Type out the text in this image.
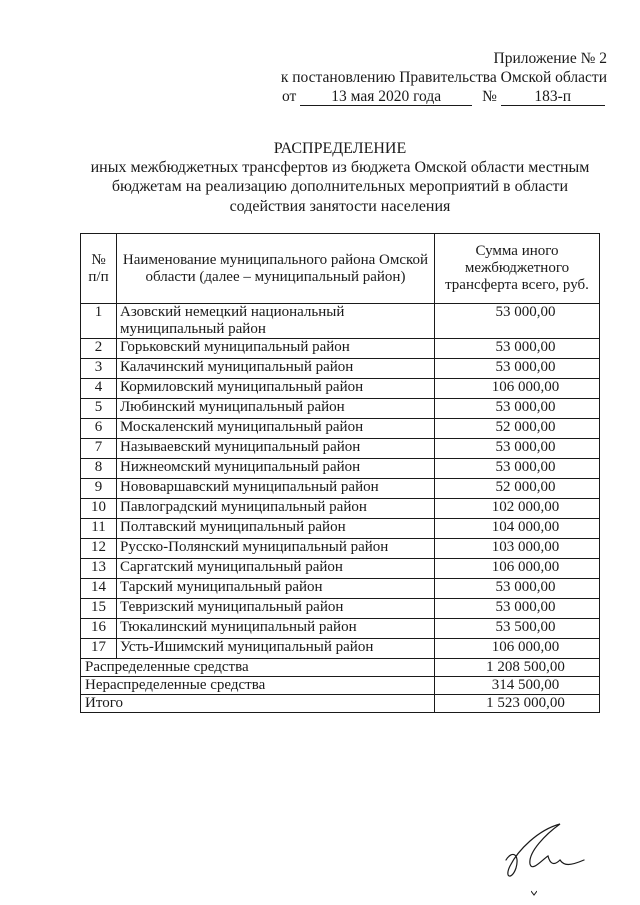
Приложение № 2
к постановлению Правительства Омской области
от 13 мая 2020 года	№ 183-п
РАСПРЕДЕЛЕНИЕ
иных межбюджетных трансфертов из бюджета Омской области местным
бюджетам на реализацию дополнительных мероприятий в области
содействия занятости населения
№ п/п	Наименование муниципального района Омской области (далее – муниципальный район)	Сумма иного межбюджетного трансферта всего, руб.
1	Азовский немецкий национальный муниципальный район	53 000,00
2	Горьковский муниципальный район	53 000,00
3	Калачинский муниципальный район	53 000,00
4	Кормиловский муниципальный район	106 000,00
5	Любинский муниципальный район	53 000,00
6	Москаленский муниципальный район	52 000,00
7	Называевский муниципальный район	53 000,00
8	Нижнеомский муниципальный район	53 000,00
9	Нововаршавский муниципальный район	52 000,00
10	Павлоградский муниципальный район	102 000,00
11	Полтавский муниципальный район	104 000,00
12	Русско-Полянский муниципальный район	103 000,00
13	Саргатский муниципальный район	106 000,00
14	Тарский муниципальный район	53 000,00
15	Тевризский муниципальный район	53 000,00
16	Тюкалинский муниципальный район	53 500,00
17	Усть-Ишимский муниципальный район	106 000,00
Распределенные средства		1 208 500,00
Нераспределенные средства		314 500,00
Итого		1 523 000,00
